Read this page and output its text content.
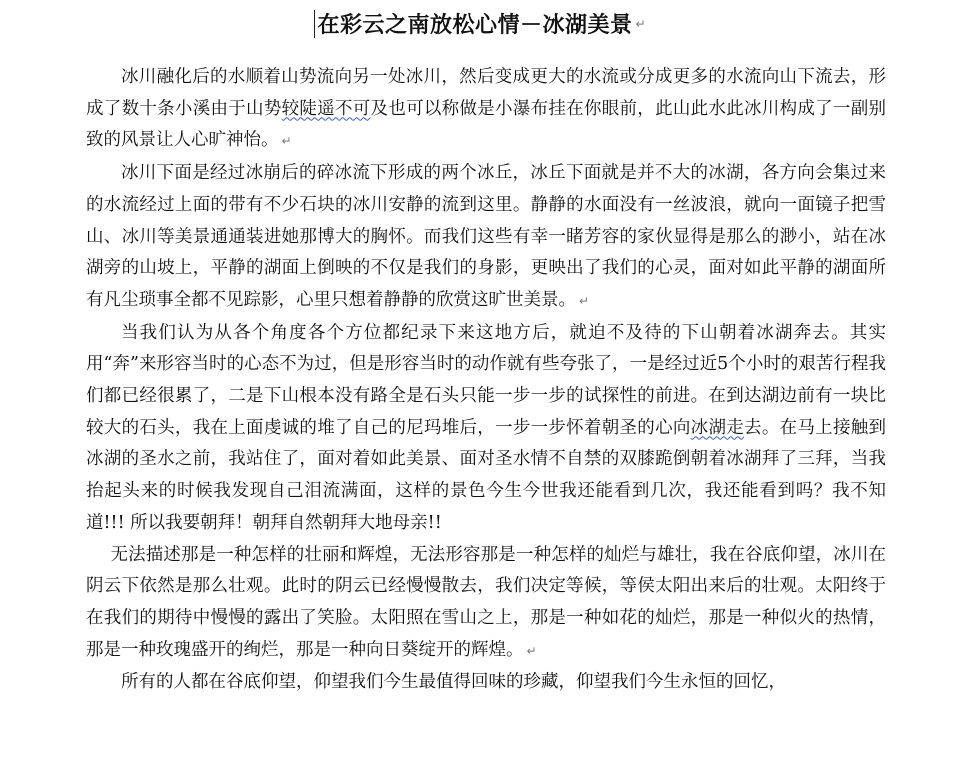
在彩云之南放松心情－冰湖美景 ↵

冰川融化后的水顺着山势流向另一处冰川，然后变成更大的水流或分成更多的水流向山下流去，形成了数十条小溪由于山势较陡遥不可及也可以称做是小瀑布挂在你眼前，此山此水此冰川构成了一副别致的风景让人心旷神怡。 ↵

冰川下面是经过冰崩后的碎冰流下形成的两个冰丘，冰丘下面就是并不大的冰湖，各方向会集过来的水流经过上面的带有不少石块的冰川安静的流到这里。静静的水面没有一丝波浪，就向一面镜子把雪山、冰川等美景通通装进她那博大的胸怀。而我们这些有幸一睹芳容的家伙显得是那么的渺小，站在冰湖旁的山坡上，平静的湖面上倒映的不仅是我们的身影，更映出了我们的心灵，面对如此平静的湖面所有凡尘琐事全都不见踪影，心里只想着静静的欣赏这旷世美景。 ↵

当我们认为从各个角度各个方位都纪录下来这地方后，就迫不及待的下山朝着冰湖奔去。其实用“奔”来形容当时的心态不为过，但是形容当时的动作就有些夸张了，一是经过近5个小时的艰苦行程我们都已经很累了，二是下山根本没有路全是石头只能一步一步的试探性的前进。在到达湖边前有一块比较大的石头，我在上面虔诚的堆了自己的尼玛堆后，一步一步怀着朝圣的心向冰湖走去。在马上接触到冰湖的圣水之前，我站住了，面对着如此美景、面对圣水情不自禁的双膝跪倒朝着冰湖拜了三拜，当我抬起头来的时候我发现自己泪流满面，这样的景色今生今世我还能看到几次，我还能看到吗？我不知道!!! 所以我要朝拜！朝拜自然朝拜大地母亲!!

无法描述那是一种怎样的壮丽和辉煌，无法形容那是一种怎样的灿烂与雄壮，我在谷底仰望，冰川在阴云下依然是那么壮观。此时的阴云已经慢慢散去，我们决定等候，等侯太阳出来后的壮观。太阳终于在我们的期待中慢慢的露出了笑脸。太阳照在雪山之上，那是一种如花的灿烂，那是一种似火的热情，那是一种玫瑰盛开的绚烂，那是一种向日葵绽开的辉煌。 ↵

所有的人都在谷底仰望，仰望我们今生最值得回味的珍藏，仰望我们今生永恒的回忆，
